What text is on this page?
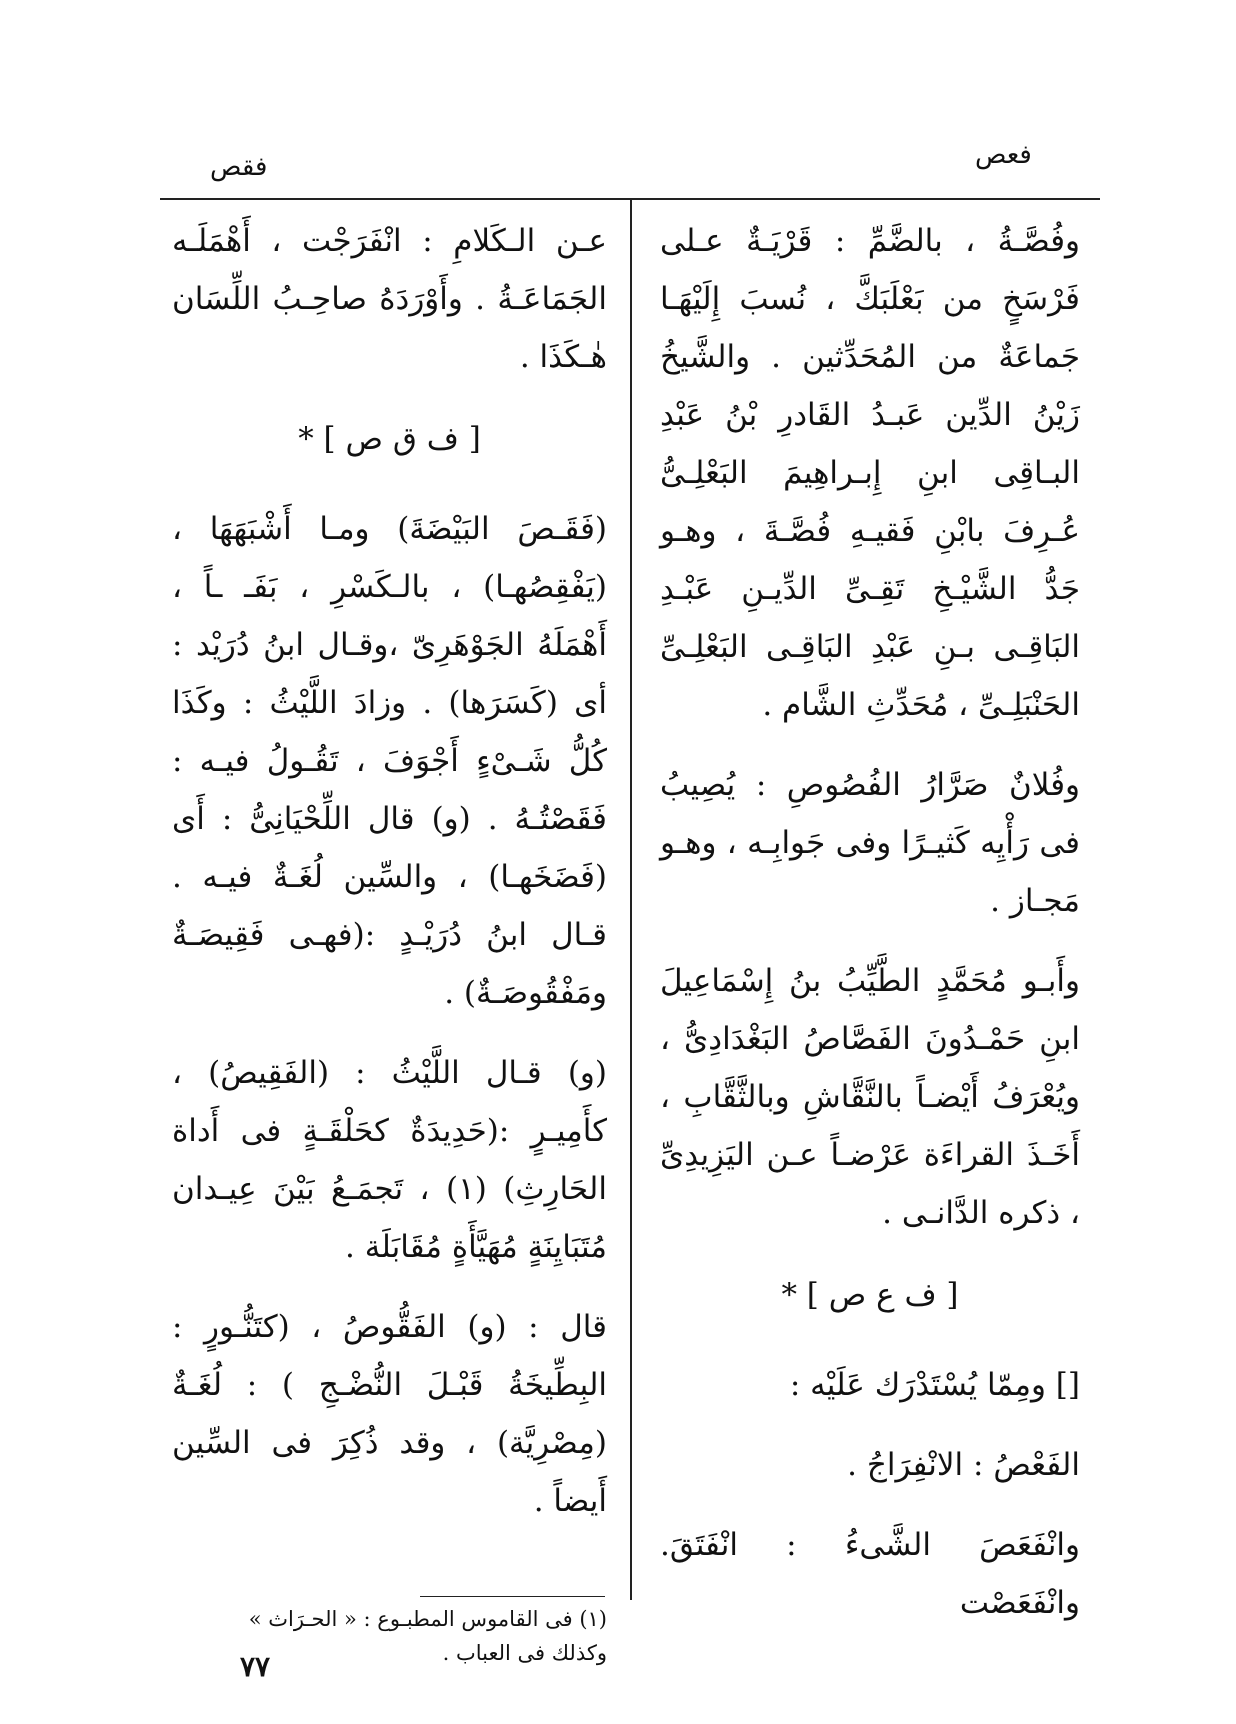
فعص
فقص

وفُصَّـةُ ، بالضَّمِّ : قَرْيَـةٌ عـلى فَرْسَخٍ من بَعْلَبَكَّ ، نُسبَ إِلَيْهَـا جَماعَةٌ من المُحَدِّثين . والشَّيخُ زَيْنُ الدِّين عَبـدُ القَادرِ بْنُ عَبْدِ البـاقِى ابنِ إِبـراهِيمَ البَعْلِـىُّ عُـرِفَ بابْنِ فَقيـهِ فُصَّـةَ ، وهـو جَدُّ الشَّيْـخِ تَقِـىِّ الدِّيـنِ عَبْـدِ البَاقِـى بـنِ عَبْدِ البَاقِـى البَعْلِـىِّ الحَنْبَلِـىِّ ، مُحَدِّثِ الشَّام .

وفُلانٌ صَرَّارُ الفُصُوصِ : يُصِيبُ فى رَأْيِه كَثيـرًا وفى جَوابِـه ، وهـو مَجـاز .

وأَبـو مُحَمَّدٍ الطَّيِّبُ بنُ إِسْمَاعِيلَ ابنِ حَمْـدُونَ الفَصَّاصُ البَغْدَادِىُّ ، ويُعْرَفُ أَيْضـاً بالنَّقَّاشِ وبالثَّقَّابِ ، أَخَـذَ القراءَة عَرْضـاً عـن اليَزِيدِىِّ ، ذكره الدَّانـى .

[ ف ع ص ] *

[] ومِمّا يُسْتَدْرَك عَلَيْه :

الفَعْصُ : الانْفِرَاجُ .

وانْفَعَصَ الشَّىءُ : انْفَتَقَ. وانْفَعَصْت

عـن الـكَلامِ : انْفَرَجْت ، أَهْمَلَـه الجَمَاعَـةُ . وأَوْرَدَهُ صاحِـبُ اللِّسَان هٰـكَذَا .

[ ف ق ص ] *

(فَقَـصَ البَيْضَةَ) ومـا أَشْبَهَهَا ، (يَفْقِصُهـا) ، بالـكَسْرِ ، بَفَـ ـاً ، أَهْمَلَهُ الجَوْهَرِىّ ،وقـال ابنُ دُرَيْد : أى (كَسَرَها) . وزادَ اللَّيْثُ : وكَذَا كُلُّ شَـىْءٍ أَجْوَفَ ، تَقُـولُ فيـه : فَقَصْتُـهُ . (و) قال اللِّحْيَانِىُّ : أَى (فَضَخَهـا) ، والسِّين لُغَـةٌ فيـه . قـال ابنُ دُرَيْـدٍ :(فهـى فَقِيصَـةٌ ومَفْقُوصَـةٌ) .

(و) قـال اللَّيْثُ : (الفَقِيصُ) ، كأَمِيـرٍ :(حَدِيدَةٌ كحَلْقَـةٍ فى أَداة الحَارِثِ) (١) ، تَجمَـعُ بَيْنَ عِيـدان مُتَبَايِنَةٍ مُهَيَّأَةٍ مُقَابَلَة .

قال : (و) الفَقُّوصُ ، (كتَنُّـورٍ : البِطِّيخَةُ قَبْـلَ النُّضْـجِ ) : لُغَـةٌ (مِصْرِيَّة) ، وقد ذُكِرَ فى السِّين أَيضاً .

(١) فى القاموس المطبـوع : « الحـرَاث »
وكذلك فى العباب .
٧٧
